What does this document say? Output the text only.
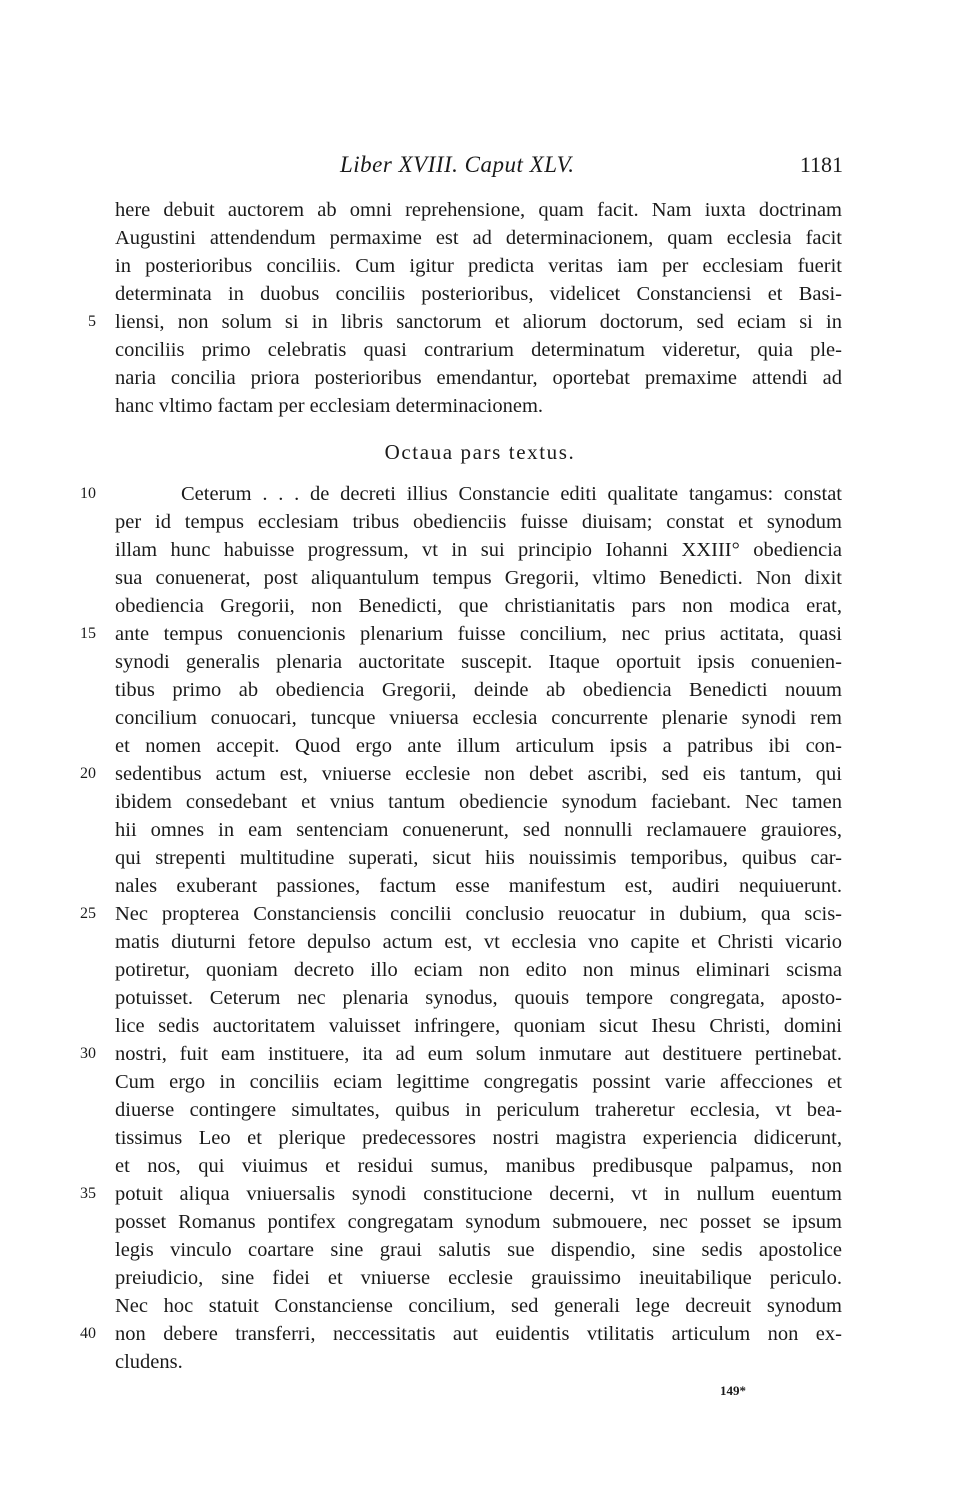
Liber XVIII. Caput XLV.	1181
here debuit auctorem ab omni reprehensione, quam facit. Nam iuxta doctrinam
Augustini attendendum permaxime est ad determinacionem, quam ecclesia facit
in posterioribus conciliis. Cum igitur predicta veritas iam per ecclesiam fuerit
determinata in duobus conciliis posterioribus, videlicet Constanciensi et Basi-
5 liensi, non solum si in libris sanctorum et aliorum doctorum, sed eciam si in
conciliis primo celebratis quasi contrarium determinatum videretur, quia ple-
naria concilia priora posterioribus emendantur, oportebat premaxime attendi ad
hanc vltimo factam per ecclesiam determinacionem.
Octaua pars textus.
10	Ceterum . . . de decreti illius Constancie editi qualitate tangamus: constat
per id tempus ecclesiam tribus obedienciis fuisse diuisam; constat et synodum
illam hunc habuisse progressum, vt in sui principio Iohanni XXIII° obediencia
sua conuenerat, post aliquantulum tempus Gregorii, vltimo Benedicti. Non dixit
obediencia Gregorii, non Benedicti, que christianitatis pars non modica erat,
15 ante tempus conuencionis plenarium fuisse concilium, nec prius actitata, quasi
synodi generalis plenaria auctoritate suscepit. Itaque oportuit ipsis conuenien-
tibus primo ab obediencia Gregorii, deinde ab obediencia Benedicti nouum
concilium conuocari, tuncque vniuersa ecclesia concurrente plenarie synodi rem
et nomen accepit. Quod ergo ante illum articulum ipsis a patribus ibi con-
20 sedentibus actum est, vniuerse ecclesie non debet ascribi, sed eis tantum, qui
ibidem consedebant et vnius tantum obediencie synodum faciebant. Nec tamen
hii omnes in eam sentenciam conuenerunt, sed nonnulli reclamauere grauiores,
qui strepenti multitudine superati, sicut hiis nouissimis temporibus, quibus car-
nales exuberant passiones, factum esse manifestum est, audiri nequiuerunt.
25 Nec propterea Constanciensis concilii conclusio reuocatur in dubium, qua scis-
matis diuturni fetore depulso actum est, vt ecclesia vno capite et Christi vicario
potiretur, quoniam decreto illo eciam non edito non minus eliminari scisma
potuisset. Ceterum nec plenaria synodus, quouis tempore congregata, aposto-
lice sedis auctoritatem valuisset infringere, quoniam sicut Ihesu Christi, domini
30 nostri, fuit eam instituere, ita ad eum solum inmutare aut destituere pertinebat.
Cum ergo in conciliis eciam legittime congregatis possint varie affecciones et
diuerse contingere simultates, quibus in periculum traheretur ecclesia, vt bea-
tissimus Leo et plerique predecessores nostri magistra experiencia didicerunt,
et nos, qui viuimus et residui sumus, manibus predibusque palpamus, non
35 potuit aliqua vniuersalis synodi constitucione decerni, vt in nullum euentum
posset Romanus pontifex congregatam synodum submouere, nec posset se ipsum
legis vinculo coartare sine graui salutis sue dispendio, sine sedis apostolice
preiudicio, sine fidei et vniuerse ecclesie grauissimo ineuitabilique periculo.
Nec hoc statuit Constanciense concilium, sed generali lege decreuit synodum
40 non debere transferri, neccessitatis aut euidentis vtilitatis articulum non ex-
cludens.
149*
